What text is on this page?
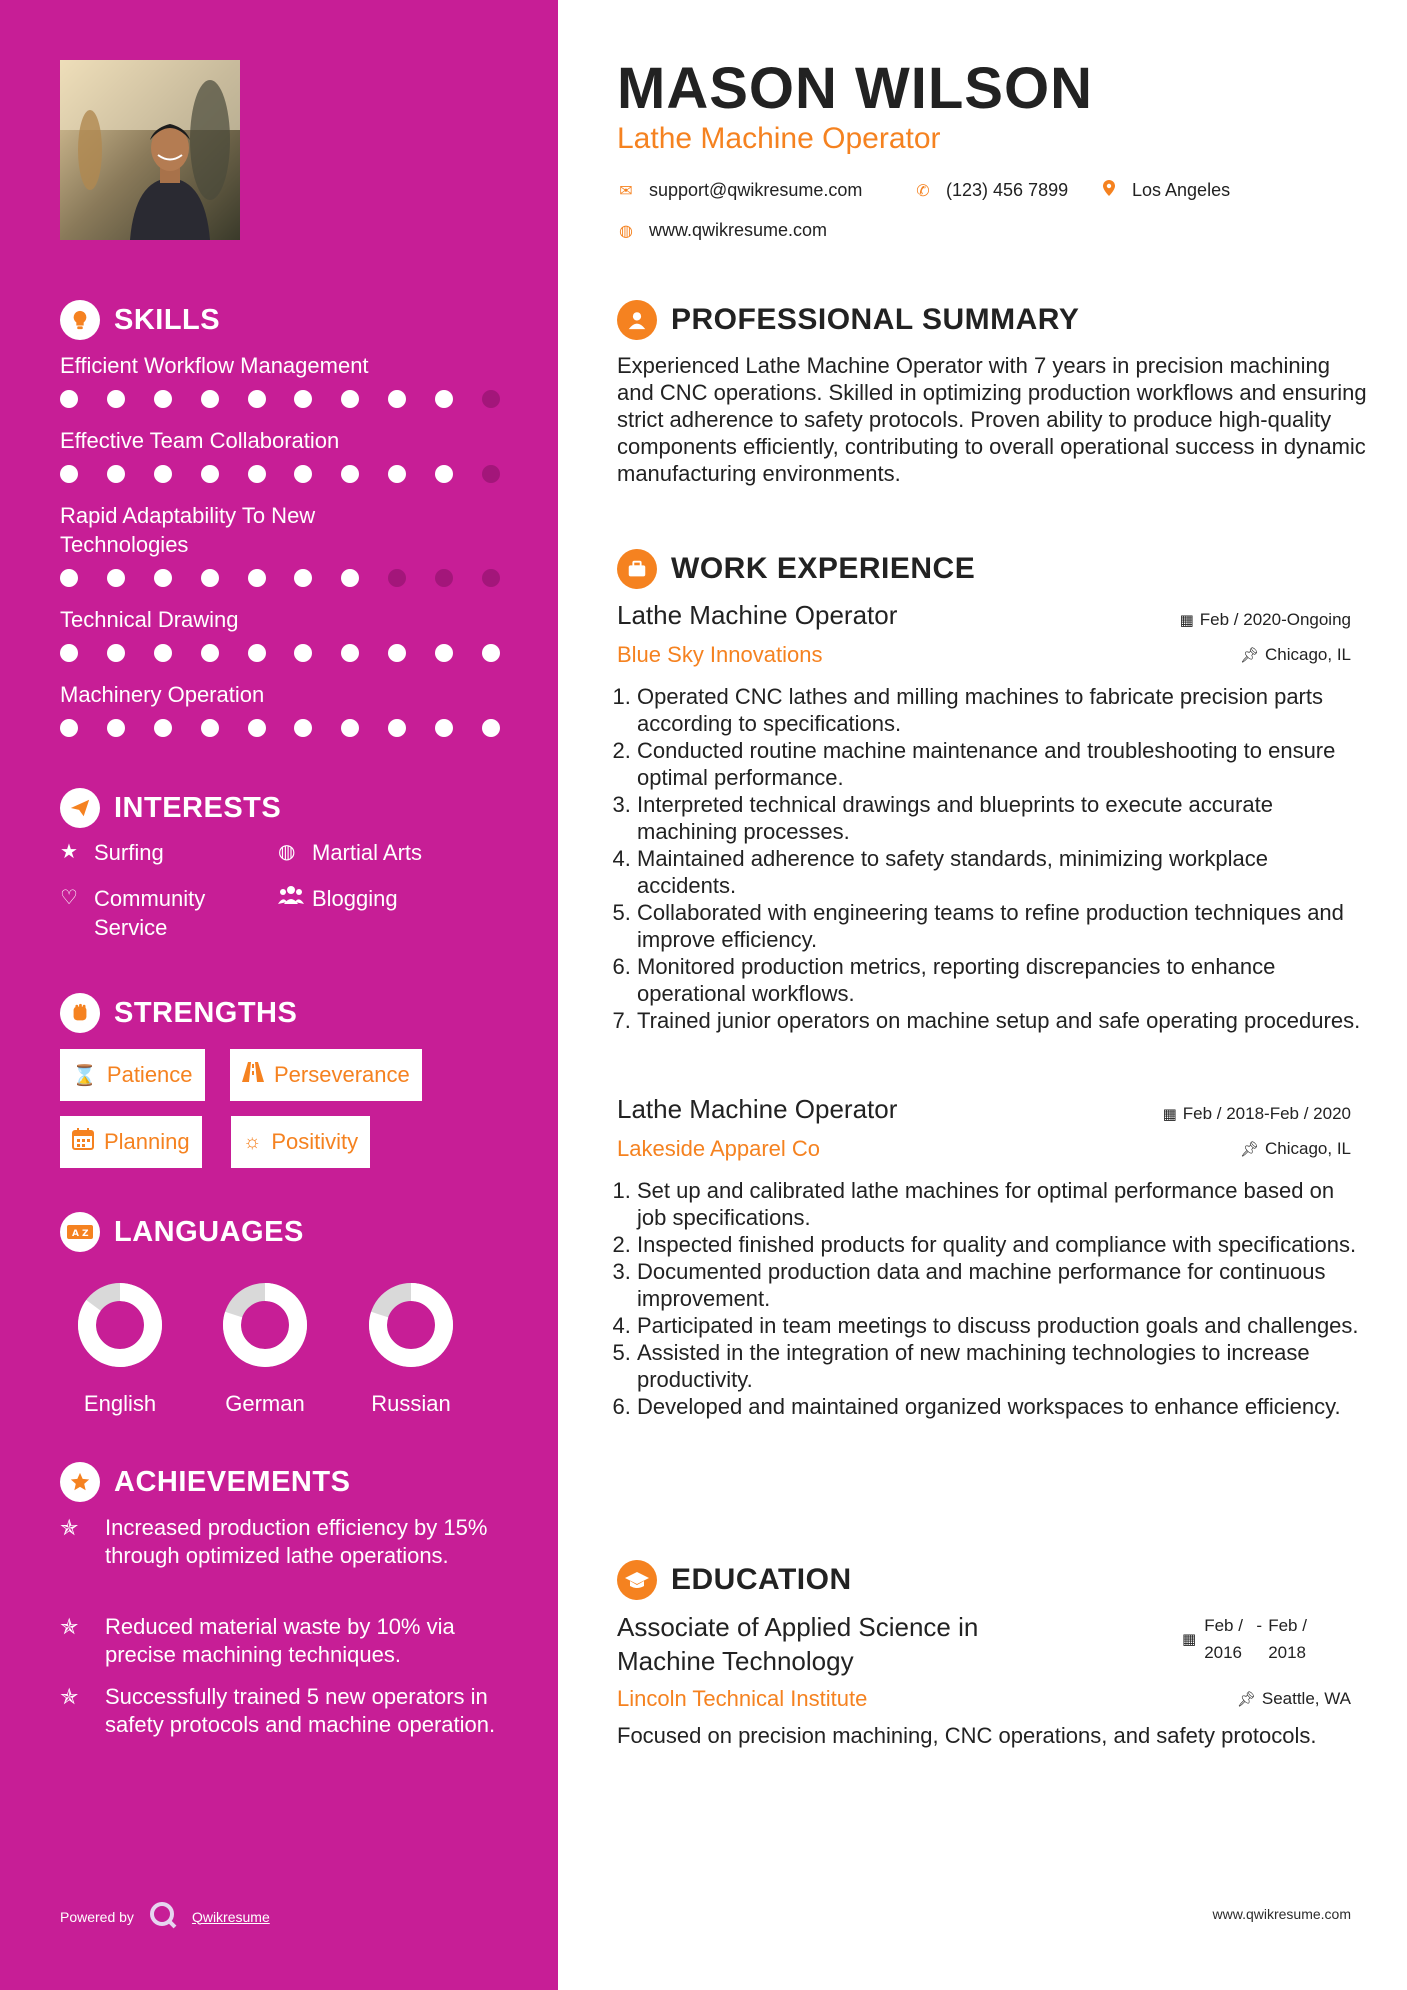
SKILLS
Efficient Workflow Management
Effective Team Collaboration
Rapid Adaptability To New Technologies
Technical Drawing
Machinery Operation
INTERESTS
★ Surfing	◍ Martial Arts
♡ Community Service
Blogging
STRENGTHS
⌛ Patience	Perseverance
Planning	☼ Positivity
A Z LANGUAGES
English	German	Russian
ACHIEVEMENTS
✯	Increased production efficiency by 15% through optimized lathe operations.
✯	Reduced material waste by 10% via precise machining techniques.
✯	Successfully trained 5 new operators in safety protocols and machine operation.
Powered by	Qwikresume
MASON WILSON
Lathe Machine Operator
✉ support@qwikresume.com	✆ (123) 456 7899	Los Angeles
◍ www.qwikresume.com
PROFESSIONAL SUMMARY
Experienced Lathe Machine Operator with 7 years in precision machining and CNC operations. Skilled in optimizing production workflows and ensuring strict adherence to safety protocols. Proven ability to produce high-quality components efficiently, contributing to overall operational success in dynamic manufacturing environments.
WORK EXPERIENCE
Lathe Machine Operator	▦ Feb / 2020-Ongoing
Blue Sky Innovations	📌︎ Chicago, IL
1. Operated CNC lathes and milling machines to fabricate precision parts according to specifications.
2. Conducted routine machine maintenance and troubleshooting to ensure optimal performance.
3. Interpreted technical drawings and blueprints to execute accurate machining processes.
4. Maintained adherence to safety standards, minimizing workplace accidents.
5. Collaborated with engineering teams to refine production techniques and improve efficiency.
6. Monitored production metrics, reporting discrepancies to enhance operational workflows.
7. Trained junior operators on machine setup and safe operating procedures.
Lathe Machine Operator	▦ Feb / 2018-Feb / 2020
Lakeside Apparel Co	📌︎ Chicago, IL
1. Set up and calibrated lathe machines for optimal performance based on job specifications.
2. Inspected finished products for quality and compliance with specifications.
3. Documented production data and machine performance for continuous improvement.
4. Participated in team meetings to discuss production goals and challenges.
5. Assisted in the integration of new machining technologies to increase productivity.
6. Developed and maintained organized workspaces to enhance efficiency.
EDUCATION
Associate of Applied Science in Machine Technology
▦
Feb / 2016
- Feb / 2018
Lincoln Technical Institute	📌︎ Seattle, WA
Focused on precision machining, CNC operations, and safety protocols.
www.qwikresume.com
